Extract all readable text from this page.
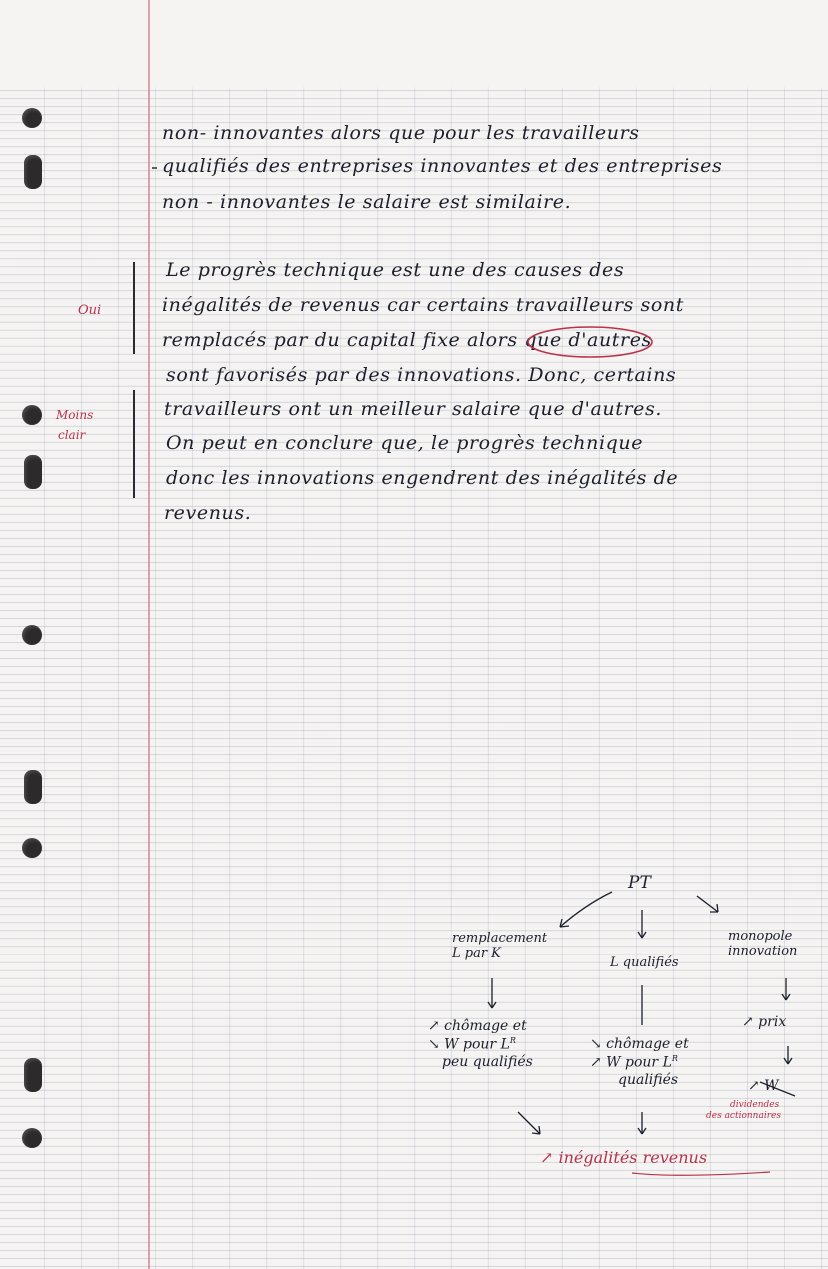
non- innovantes alors que pour les travailleurs
qualifiés des entreprises innovantes et des entreprises
non - innovantes le salaire est similaire.
Oui
Moins
clair
Le progrès technique est une des causes des
inégalités de revenus car certains travailleurs sont
remplacés par du capital fixe alors que d'autres
sont favorisés par des innovations. Donc, certains
travailleurs ont un meilleur salaire que d'autres.
On peut en conclure que, le progrès technique
donc les innovations engendrent des inégalités de
revenus.
PT
remplacement
L par K
L qualifiés
monopole
innovation
↗ chômage et
↘ W pour $L^R$
peu qualifiés
↘ chômage et
↗ W pour $L^R$
qualifiés
↗ prix
↗ W
dividendes
des actionnaires
↗ inégalités revenus
